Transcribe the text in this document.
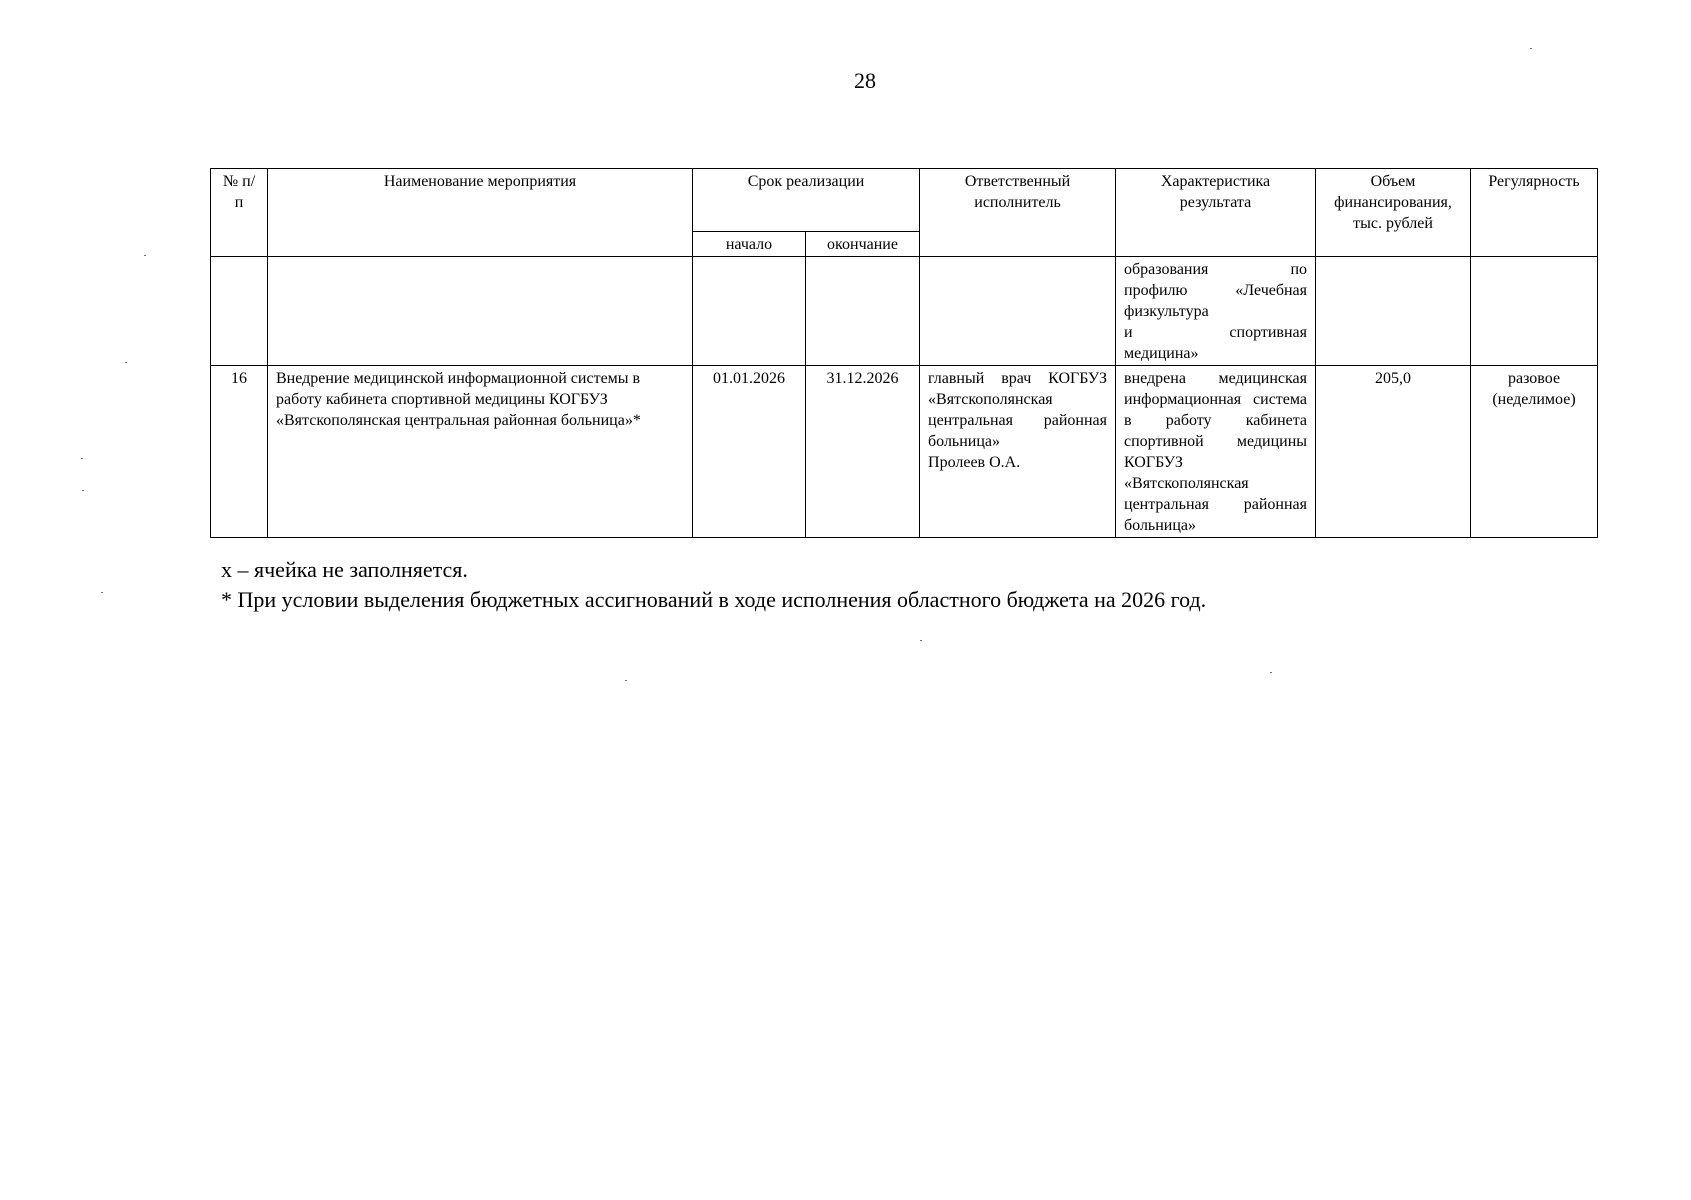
28
№ п/п	Наименование мероприятия	Срок реализации		Ответственный исполнитель	Характеристика результата	Объем финансирования, тыс. рублей	Регулярность
		начало	окончание				

					образования по
профилю «Лечебная
физкультура
и спортивная
медицина»		

16	Внедрение медицинской информационной системы в работу кабинета спортивной медицины КОГБУЗ «Вятскополянская центральная районная больница»*	01.01.2026	31.12.2026	главный врач КОГБУЗ «Вятскополянская центральная районная больница»
Пролеев О.А.	внедрена медицинская информационная система в работу кабинета спортивной медицины КОГБУЗ «Вятскополянская центральная районная больница»	205,0	разовое (неделимое)
х – ячейка не заполняется.
* При условии выделения бюджетных ассигнований в ходе исполнения областного бюджета на 2026 год.
